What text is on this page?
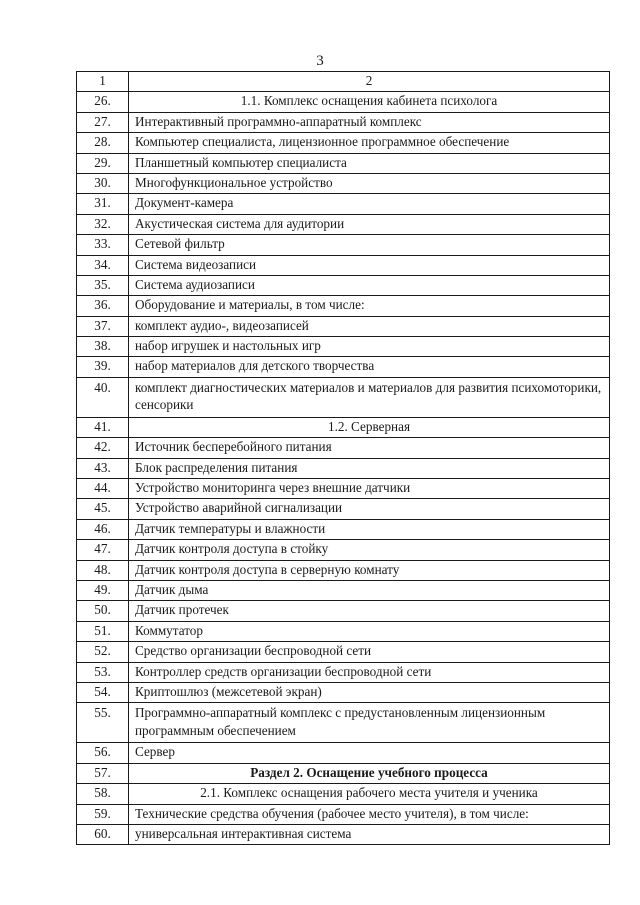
3
1	2
26.	1.1. Комплекс оснащения кабинета психолога
27.	Интерактивный программно-аппаратный комплекс
28.	Компьютер специалиста, лицензионное программное обеспечение
29.	Планшетный компьютер специалиста
30.	Многофункциональное устройство
31.	Документ-камера
32.	Акустическая система для аудитории
33.	Сетевой фильтр
34.	Система видеозаписи
35.	Система аудиозаписи
36.	Оборудование и материалы, в том числе:
37.	комплект аудио-, видеозаписей
38.	набор игрушек и настольных игр
39.	набор материалов для детского творчества
40.	комплект диагностических материалов и материалов для развития психомоторики, сенсорики
41.	1.2. Серверная
42.	Источник бесперебойного питания
43.	Блок распределения питания
44.	Устройство мониторинга через внешние датчики
45.	Устройство аварийной сигнализации
46.	Датчик температуры и влажности
47.	Датчик контроля доступа в стойку
48.	Датчик контроля доступа в серверную комнату
49.	Датчик дыма
50.	Датчик протечек
51.	Коммутатор
52.	Средство организации беспроводной сети
53.	Контроллер средств организации беспроводной сети
54.	Криптошлюз (межсетевой экран)
55.	Программно-аппаратный комплекс с предустановленным лицензионным программным обеспечением
56.	Сервер
57.	Раздел 2. Оснащение учебного процесса
58.	2.1. Комплекс оснащения рабочего места учителя и ученика
59.	Технические средства обучения (рабочее место учителя), в том числе:
60.	универсальная интерактивная система
